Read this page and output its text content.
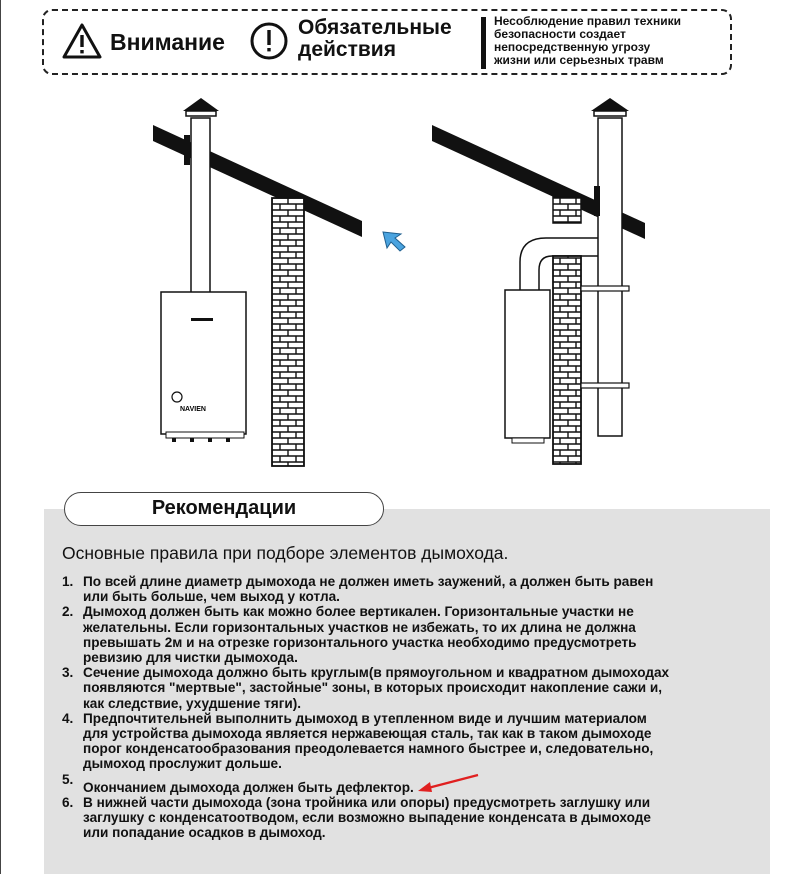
Внимание
Обязательные
действия
Несоблюдение правил техники
безопасности создает
непосредственную угрозу
жизни или серьезных травм
NAVIEN
Рекомендации
Основные правила при подборе элементов дымохода.
1. По всей длине диаметр дымохода не должен иметь заужений, а должен быть равен
или быть больше, чем выход у котла.
2. Дымоход должен быть как можно более вертикален. Горизонтальные участки не
желательны. Если горизонтальных участков не избежать, то их длина не должна
превышать 2м и на отрезке горизонтального участка необходимо предусмотреть
ревизию для чистки дымохода.
3. Сечение дымохода должно быть круглым(в прямоугольном и квадратном дымоходах
появляются "мертвые", застойные" зоны, в которых происходит накопление сажи и,
как следствие, ухудшение тяги).
4. Предпочтительней выполнить дымоход в утепленном виде и лучшим материалом
для устройства дымохода является нержавеющая сталь, так как в таком дымоходе
порог конденсатообразования преодолевается намного быстрее и, следовательно,
дымоход прослужит дольше.
5.
Окончанием дымохода должен быть дефлектор.
6. В нижней части дымохода (зона тройника или опоры) предусмотреть заглушку или
заглушку с конденсатоотводом, если возможно выпадение конденсата в дымоходе
или попадание осадков в дымоход.
